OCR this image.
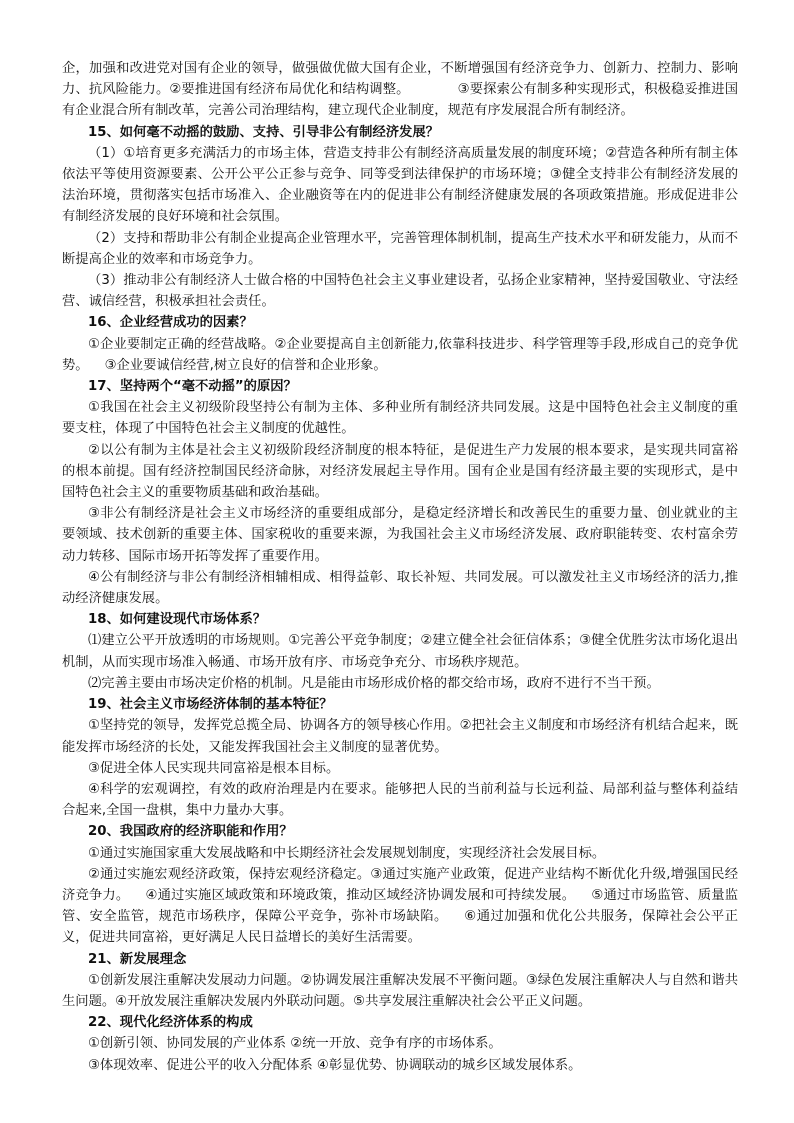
企，加强和改进党对国有企业的领导，做强做优做大国有企业，不断增强国有经济竞争力、创新力、控制力、影响力、抗风险能力。②要推进国有经济布局优化和结构调整。	③要探索公有制多种实现形式，积极稳妥推进国有企业混合所有制改革，完善公司治理结构，建立现代企业制度，规范有序发展混合所有制经济。

15、如何毫不动摇的鼓励、支持、引导非公有制经济发展？

（1）①培育更多充满活力的市场主体，营造支持非公有制经济高质量发展的制度环境；②营造各种所有制主体依法平等使用资源要素、公开公平公正参与竞争、同等受到法律保护的市场环境；③健全支持非公有制经济发展的法治环境，贯彻落实包括市场准入、企业融资等在内的促进非公有制经济健康发展的各项政策措施。形成促进非公有制经济发展的良好环境和社会氛围。

（2）支持和帮助非公有制企业提高企业管理水平，完善管理体制机制，提高生产技术水平和研发能力，从而不断提高企业的效率和市场竞争力。

（3）推动非公有制经济人士做合格的中国特色社会主义事业建设者，弘扬企业家精神，坚持爱国敬业、守法经营、诚信经营，积极承担社会责任。

16、企业经营成功的因素？

①企业要制定正确的经营战略。②企业要提高自主创新能力,依靠科技进步、科学管理等手段,形成自己的竞争优势。 ③企业要诚信经营,树立良好的信誉和企业形象。

17、坚持两个“毫不动摇”的原因？

①我国在社会主义初级阶段坚持公有制为主体、多种业所有制经济共同发展。这是中国特色社会主义制度的重要支柱，体现了中国特色社会主义制度的优越性。

②以公有制为主体是社会主义初级阶段经济制度的根本特征，是促进生产力发展的根本要求，是实现共同富裕的根本前提。国有经济控制国民经济命脉，对经济发展起主导作用。国有企业是国有经济最主要的实现形式，是中国特色社会主义的重要物质基础和政治基础。

③非公有制经济是社会主义市场经济的重要组成部分，是稳定经济增长和改善民生的重要力量、创业就业的主要领域、技术创新的重要主体、国家税收的重要来源，为我国社会主义市场经济发展、政府职能转变、农村富余劳动力转移、国际市场开拓等发挥了重要作用。

④公有制经济与非公有制经济相辅相成、相得益彰、取长补短、共同发展。可以激发社主义市场经济的活力,推动经济健康发展。

18、如何建设现代市场体系？

⑴建立公平开放透明的市场规则。①完善公平竞争制度；②建立健全社会征信体系；③健全优胜劣汰市场化退出机制，从而实现市场准入畅通、市场开放有序、市场竞争充分、市场秩序规范。

⑵完善主要由市场决定价格的机制。凡是能由市场形成价格的都交给市场，政府不进行不当干预。

19、社会主义市场经济体制的基本特征？

①坚持党的领导，发挥党总揽全局、协调各方的领导核心作用。②把社会主义制度和市场经济有机结合起来，既能发挥市场经济的长处，又能发挥我国社会主义制度的显著优势。

③促进全体人民实现共同富裕是根本目标。

④科学的宏观调控，有效的政府治理是内在要求。能够把人民的当前利益与长远利益、局部利益与整体利益结合起来,全国一盘棋，集中力量办大事。

20、我国政府的经济职能和作用？

①通过实施国家重大发展战略和中长期经济社会发展规划制度，实现经济社会发展目标。

②通过实施宏观经济政策，保持宏观经济稳定。③通过实施产业政策，促进产业结构不断优化升级,增强国民经济竞争力。 ④通过实施区域政策和环境政策，推动区域经济协调发展和可持续发展。 ⑤通过市场监管、质量监管、安全监管，规范市场秩序，保障公平竞争，弥补市场缺陷。 ⑥通过加强和优化公共服务，保障社会公平正义，促进共同富裕，更好满足人民日益增长的美好生活需要。

21、新发展理念

①创新发展注重解决发展动力问题。②协调发展注重解决发展不平衡问题。③绿色发展注重解决人与自然和谐共生问题。④开放发展注重解决发展内外联动问题。⑤共享发展注重解决社会公平正义问题。

22、现代化经济体系的构成

①创新引领、协同发展的产业体系 ②统一开放、竞争有序的市场体系。

③体现效率、促进公平的收入分配体系 ④彰显优势、协调联动的城乡区域发展体系。
